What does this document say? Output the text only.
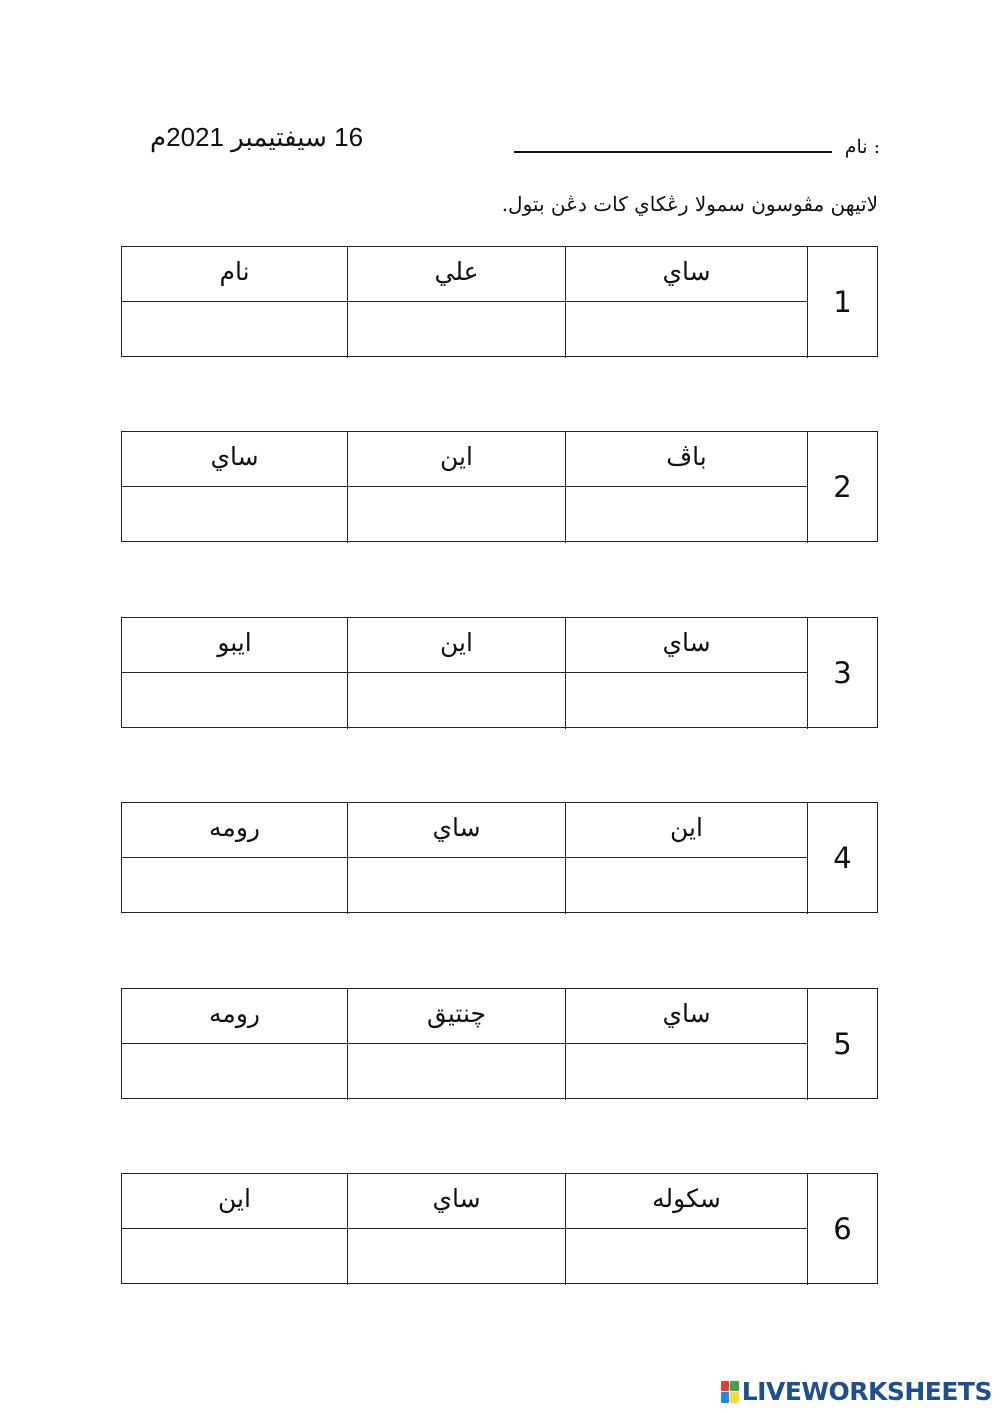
16 سيفتيمبر 2021م	نام :
لاتيهن مڤوسون سمولا رڠكاي كات دڠن بتول.
نام	علي	ساي
1
ساي	اين	باڤ
2
ايبو	اين	ساي
3
رومه	ساي	اين
4
رومه	چنتيق	ساي
5
اين	ساي	سكوله
6
LIVEWORKSHEETS
